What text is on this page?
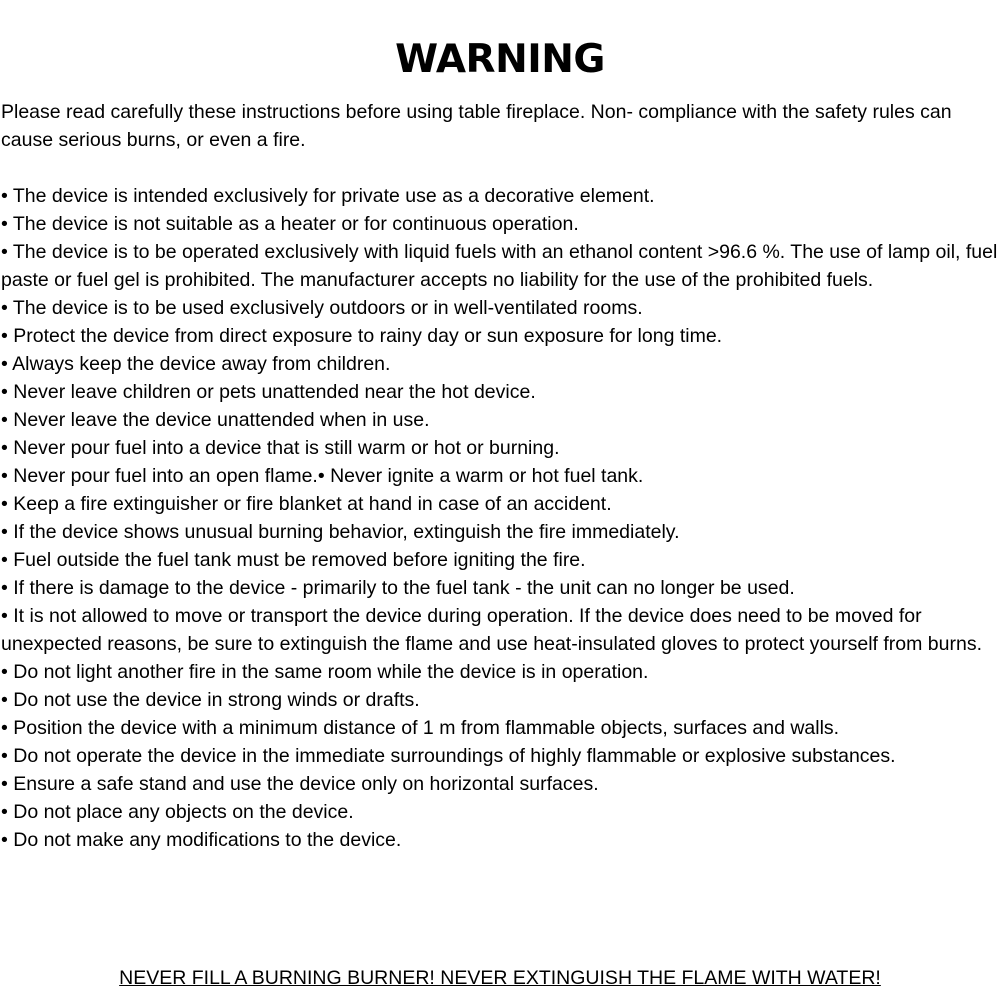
WARNING

Please read carefully these instructions before using table fireplace. Non- compliance with the safety rules can cause serious burns, or even a fire.

• The device is intended exclusively for private use as a decorative element.
• The device is not suitable as a heater or for continuous operation.
• The device is to be operated exclusively with liquid fuels with an ethanol content >96.6 %. The use of lamp oil, fuel paste or fuel gel is prohibited. The manufacturer accepts no liability for the use of the prohibited fuels.
• The device is to be used exclusively outdoors or in well-ventilated rooms.
• Protect the device from direct exposure to rainy day or sun exposure for long time.
• Always keep the device away from children.
• Never leave children or pets unattended near the hot device.
• Never leave the device unattended when in use.
• Never pour fuel into a device that is still warm or hot or burning.
• Never pour fuel into an open flame.• Never ignite a warm or hot fuel tank.
• Keep a fire extinguisher or fire blanket at hand in case of an accident.
• If the device shows unusual burning behavior, extinguish the fire immediately.
• Fuel outside the fuel tank must be removed before igniting the fire.
• If there is damage to the device - primarily to the fuel tank - the unit can no longer be used.
• It is not allowed to move or transport the device during operation. If the device does need to be moved for unexpected reasons, be sure to extinguish the flame and use heat-insulated gloves to protect yourself from burns.
• Do not light another fire in the same room while the device is in operation.
• Do not use the device in strong winds or drafts.
• Position the device with a minimum distance of 1 m from flammable objects, surfaces and walls.
• Do not operate the device in the immediate surroundings of highly flammable or explosive substances.
• Ensure a safe stand and use the device only on horizontal surfaces.
• Do not place any objects on the device.
• Do not make any modifications to the device.

NEVER FILL A BURNING BURNER! NEVER EXTINGUISH THE FLAME WITH WATER!
